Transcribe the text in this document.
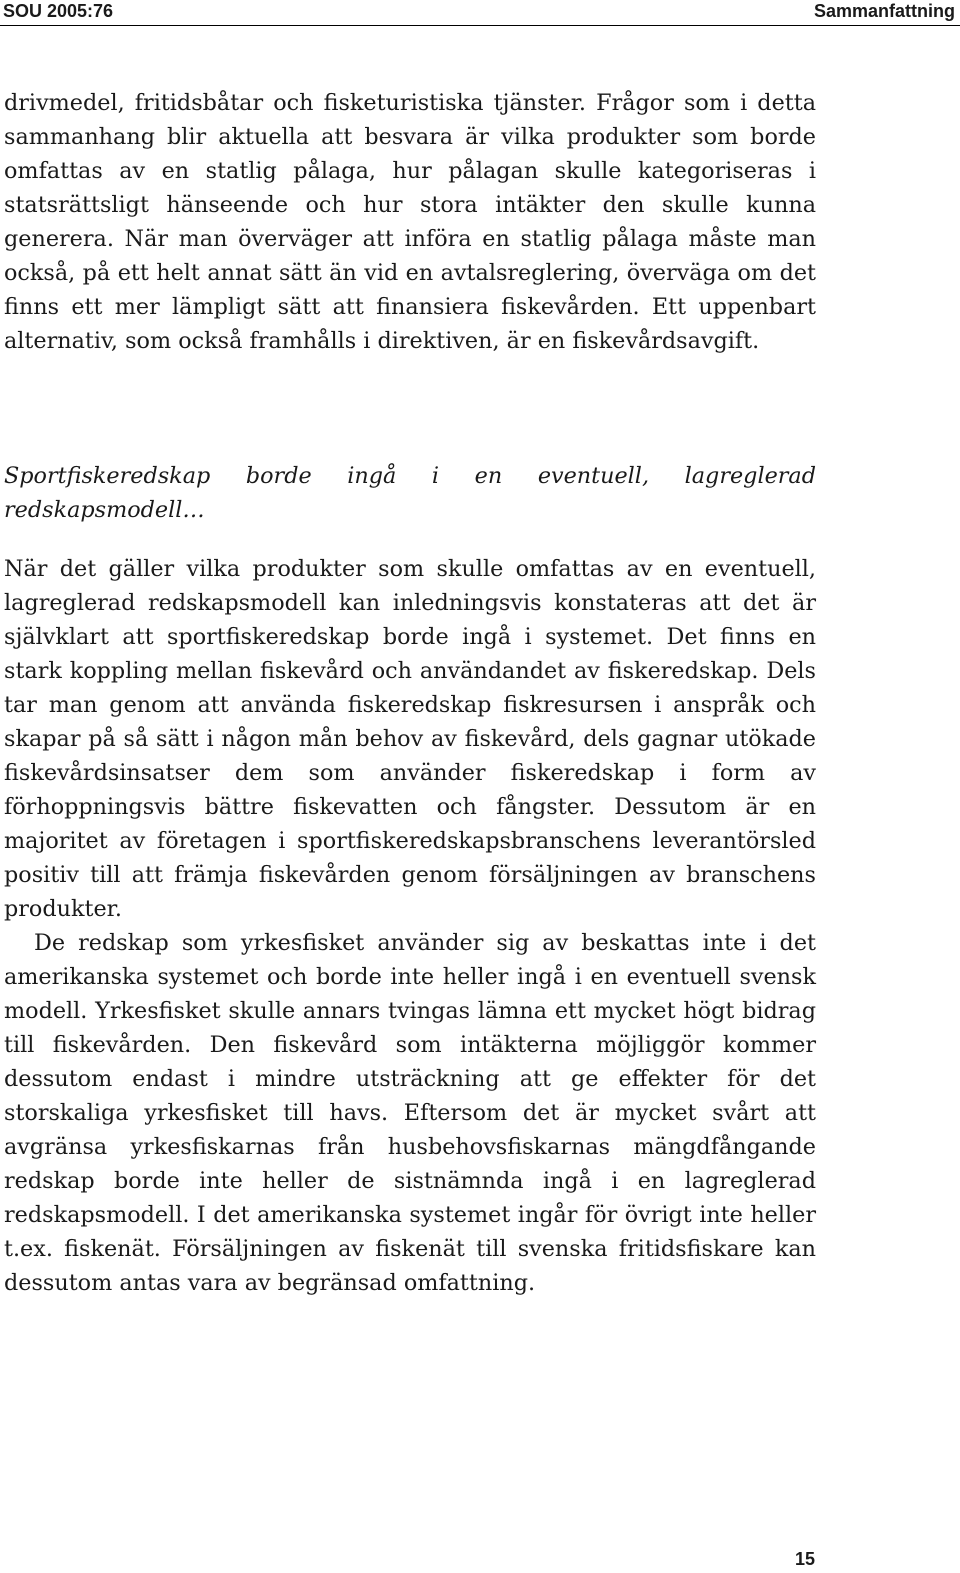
SOU 2005:76	Sammanfattning

drivmedel, fritidsbåtar och fisketuristiska tjänster. Frågor som i detta sammanhang blir aktuella att besvara är vilka produkter som borde omfattas av en statlig pålaga, hur pålagan skulle kategoriseras i statsrättsligt hänseende och hur stora intäkter den skulle kunna generera. När man överväger att införa en statlig pålaga måste man också, på ett helt annat sätt än vid en avtalsreglering, överväga om det finns ett mer lämpligt sätt att finansiera fiskevården. Ett uppenbart alternativ, som också framhålls i direktiven, är en fiskevårdsavgift.

Sportfiskeredskap borde ingå i en eventuell, lagreglerad redskapsmodell…

När det gäller vilka produkter som skulle omfattas av en eventuell, lagreglerad redskapsmodell kan inledningsvis konstateras att det är självklart att sportfiskeredskap borde ingå i systemet. Det finns en stark koppling mellan fiskevård och användandet av fiskeredskap. Dels tar man genom att använda fiskeredskap fiskresursen i anspråk och skapar på så sätt i någon mån behov av fiskevård, dels gagnar utökade fiskevårdsinsatser dem som använder fiskeredskap i form av förhoppningsvis bättre fiskevatten och fångster. Dessutom är en majoritet av företagen i sportfiskeredskapsbranschens leverantörsled positiv till att främja fiskevården genom försäljningen av branschens produkter.

De redskap som yrkesfisket använder sig av beskattas inte i det amerikanska systemet och borde inte heller ingå i en eventuell svensk modell. Yrkesfisket skulle annars tvingas lämna ett mycket högt bidrag till fiskevården. Den fiskevård som intäkterna möjliggör kommer dessutom endast i mindre utsträckning att ge effekter för det storskaliga yrkesfisket till havs. Eftersom det är mycket svårt att avgränsa yrkesfiskarnas från husbehovsfiskarnas mängdfångande redskap borde inte heller de sistnämnda ingå i en lagreglerad redskapsmodell. I det amerikanska systemet ingår för övrigt inte heller t.ex. fiskenät. Försäljningen av fiskenät till svenska fritidsfiskare kan dessutom antas vara av begränsad omfattning.

15
